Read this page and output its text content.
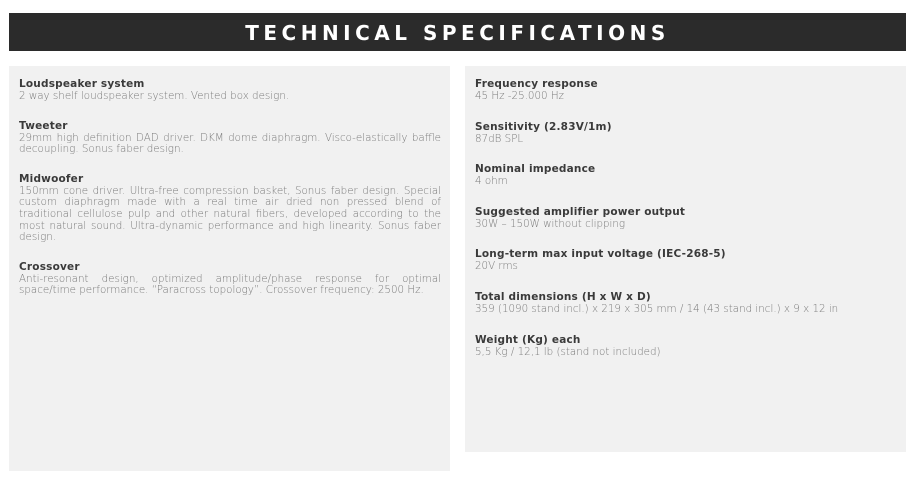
TECHNICAL SPECIFICATIONS
Loudspeaker system
2 way shelf loudspeaker system. Vented box design.
Tweeter
29mm high definition DAD driver. DKM dome diaphragm. Visco-elastically baffle decoupling. Sonus faber design.
Midwoofer
150mm cone driver. Ultra-free compression basket, Sonus faber design. Special custom diaphragm made with a real time air dried non pressed blend of traditional cellulose pulp and other natural fibers, developed according to the most natural sound. Ultra-dynamic performance and high linearity. Sonus faber design.
Crossover
Anti-resonant design, optimized amplitude/phase response for optimal space/time performance. “Paracross topology”. Crossover frequency: 2500 Hz.
Frequency response
45 Hz -25.000 Hz
Sensitivity (2.83V/1m)
87dB SPL
Nominal impedance
4 ohm
Suggested amplifier power output
30W – 150W without clipping
Long-term max input voltage (IEC-268-5)
20V rms
Total dimensions (H x W x D)
359 (1090 stand incl.) x 219 x 305 mm / 14 (43 stand incl.) x 9 x 12 in
Weight (Kg) each
5,5 Kg / 12,1 lb (stand not included)
